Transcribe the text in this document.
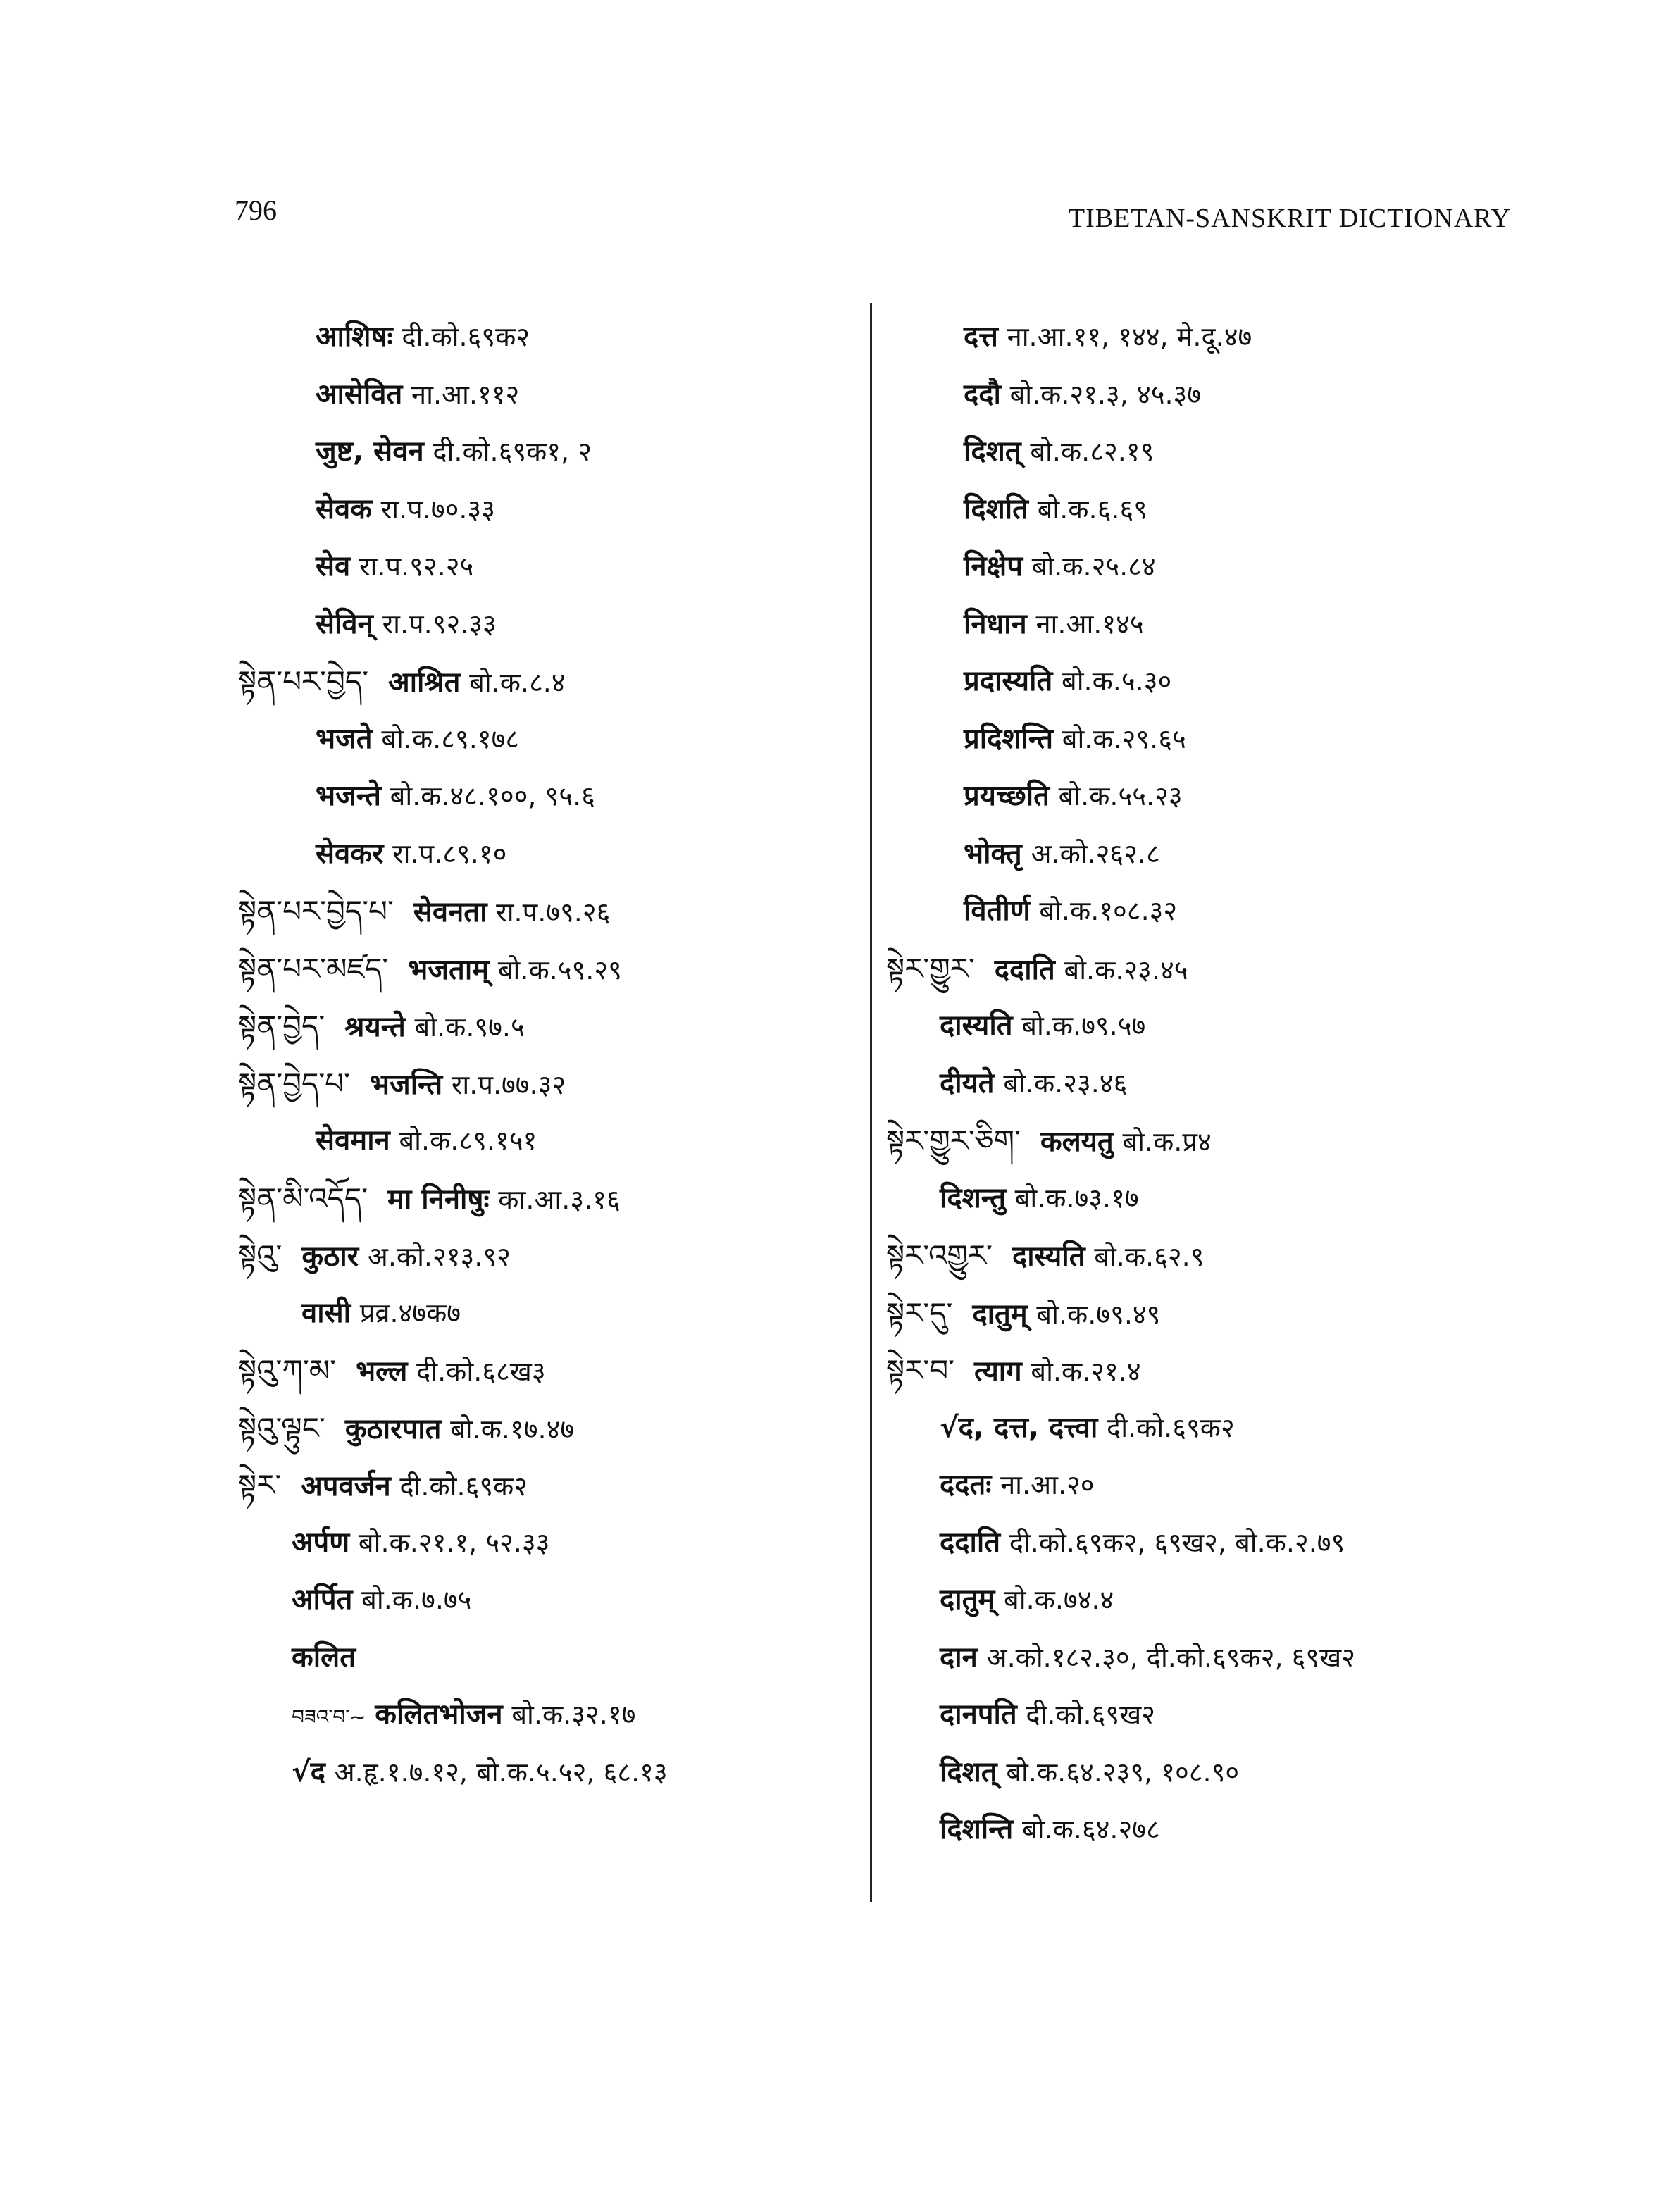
796	TIBETAN-SANSKRIT DICTIONARY
आशिषः दी.को.६९क२
आसेवित ना.आ.११२
जुष्ट, सेवन दी.को.६९क१, २
सेवक रा.प.७०.३३
सेव रा.प.९२.२५
सेविन् रा.प.९२.३३
སྟེན་པར་བྱེད་ आश्रित बो.क.८.४
भजते बो.क.८९.१७८
भजन्ते बो.क.४८.१००, ९५.६
सेवकर रा.प.८९.१०
སྟེན་པར་བྱེད་པ་ सेवनता रा.प.७९.२६
སྟེན་པར་མཛད་ भजताम् बो.क.५९.२९
སྟེན་བྱེད་ श्रयन्ते बो.क.९७.५
སྟེན་བྱེད་པ་ भजन्ति रा.प.७७.३२
सेवमान बो.क.८९.१५१
སྟེན་མི་འདོད་ मा निनीषुः का.आ.३.१६
སྟེའུ་ कुठार अ.को.२१३.९२
वासी प्रव्र.४७क७
སྟེའུ་ཀ་མ་ भल्ल दी.को.६८ख३
སྟེའུ་ལྟུང་ कुठारपात बो.क.१७.४७
སྟེར་ अपवर्जन दी.को.६९क२
अर्पण बो.क.२१.१, ५२.३३
अर्पित बो.क.७.७५
कलित
བཟའ་བ་~ कलितभोजन बो.क.३२.१७
√द अ.हृ.१.७.१२, बो.क.५.५२, ६८.१३
दत्त ना.आ.११, १४४, मे.दू.४७
ददौ बो.क.२१.३, ४५.३७
दिशत् बो.क.८२.१९
दिशति बो.क.६.६९
निक्षेप बो.क.२५.८४
निधान ना.आ.१४५
प्रदास्यति बो.क.५.३०
प्रदिशन्ति बो.क.२९.६५
प्रयच्छति बो.क.५५.२३
भोक्तृ अ.को.२६२.८
वितीर्ण बो.क.१०८.३२
སྟེར་གྱུར་ ददाति बो.क.२३.४५
दास्यति बो.क.७९.५७
दीयते बो.क.२३.४६
སྟེར་གྱུར་ཅིག་ कलयतु बो.क.प्र४
दिशन्तु बो.क.७३.१७
སྟེར་འགྱུར་ दास्यति बो.क.६२.९
སྟེར་དུ་ दातुम् बो.क.७९.४९
སྟེར་བ་ त्याग बो.क.२१.४
√द, दत्त, दत्त्वा दी.को.६९क२
ददतः ना.आ.२०
ददाति दी.को.६९क२, ६९ख२, बो.क.२.७९
दातुम् बो.क.७४.४
दान अ.को.१८२.३०, दी.को.६९क२, ६९ख२
दानपति दी.को.६९ख२
दिशत् बो.क.६४.२३९, १०८.९०
दिशन्ति बो.क.६४.२७८
